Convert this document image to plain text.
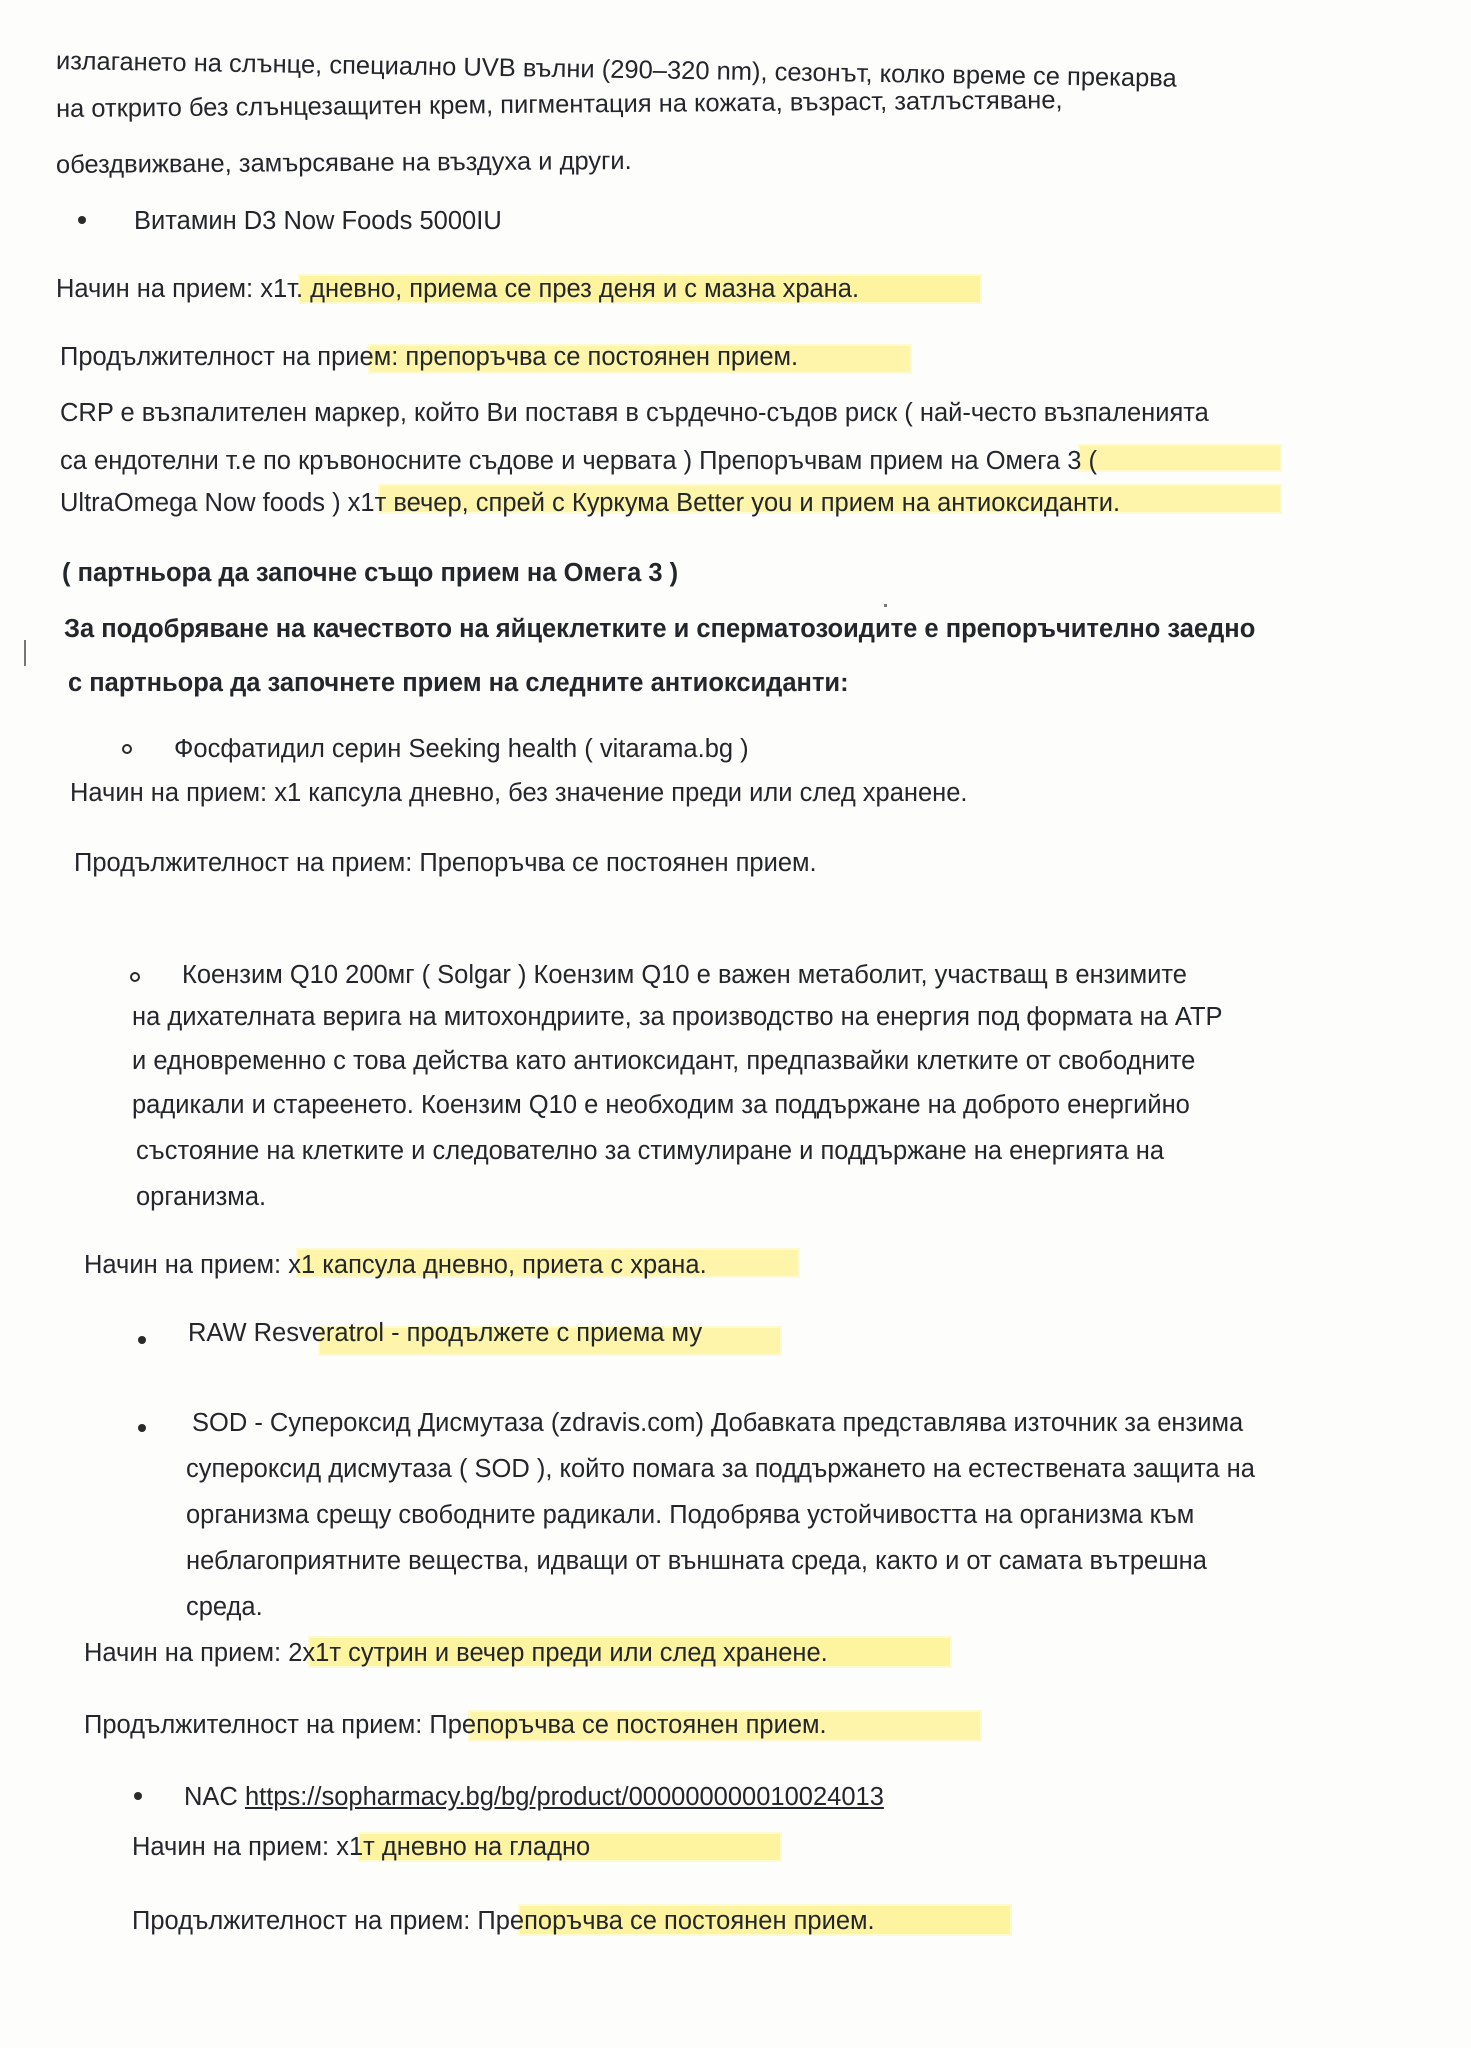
излагането на слънце, специално UVB вълни (290–320 nm), сезонът, колко време се прекарва
на открито без слънцезащитен крем, пигментация на кожата, възраст, затлъстяване,
обездвижване, замърсяване на въздуха и други.
Витамин D3 Now Foods 5000IU
Начин на прием: х1т. дневно, приема се през деня и с мазна храна.
Продължителност на прием: препоръчва се постоянен прием.
CRP е възпалителен маркер, който Ви поставя в сърдечно-съдов риск ( най-често възпаленията
са ендотелни т.е по кръвоносните съдове и червата ) Препоръчвам прием на Омега 3 (
UltraOmega Now foods ) х1т вечер, спрей с Куркума Better you и прием на антиоксиданти.
( партньора да започне също прием на Омега 3 )
За подобряване на качеството на яйцеклетките и сперматозоидите е препоръчително заедно
с партньора да започнете прием на следните антиоксиданти:
Фосфатидил серин Seeking health ( vitarama.bg )
Начин на прием: х1 капсула дневно, без значение преди или след хранене.
Продължителност на прием: Препоръчва се постоянен прием.
Коензим Q10 200мг ( Solgar ) Коензим Q10 е важен метаболит, участващ в ензимите
на дихателната верига на митохондриите, за производство на енергия под формата на АТР
и едновременно с това действа като антиоксидант, предпазвайки клетките от свободните
радикали и стареенето. Коензим Q10 е необходим за поддържане на доброто енергийно
състояние на клетките и следователно за стимулиране и поддържане на енергията на
организма.
Начин на прием: х1 капсула дневно, приета с храна.
RAW Resveratrol - продължете с приема му
SOD - Супероксид Дисмутаза (zdravis.com) Добавката представлява източник за ензима
супероксид дисмутаза ( SOD ), който помага за поддържането на естествената защита на
организма срещу свободните радикали. Подобрява устойчивостта на организма към
неблагоприятните вещества, идващи от външната среда, както и от самата вътрешна
среда.
Начин на прием: 2х1т сутрин и вечер преди или след хранене.
Продължителност на прием: Препоръчва се постоянен прием.
NAC https://sopharmacy.bg/bg/product/000000000010024013
Начин на прием: х1т дневно на гладно
Продължителност на прием: Препоръчва се постоянен прием.
